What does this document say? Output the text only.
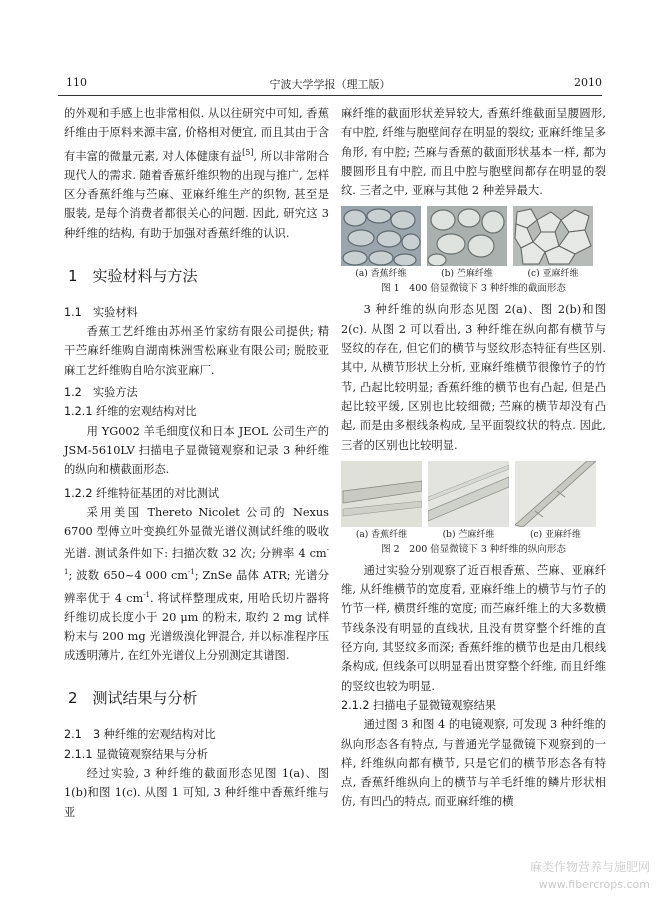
110	宁波大学学报（理工版）	2010

的外观和手感上也非常相似. 从以往研究中可知, 香蕉纤维由于原料来源丰富, 价格相对便宜, 而且其由于含有丰富的微量元素, 对人体健康有益[5], 所以非常附合现代人的需求. 随着香蕉纤维织物的出现与推广, 怎样区分香蕉纤维与苎麻、亚麻纤维生产的织物, 甚至是服装, 是每个消费者都很关心的问题. 因此, 研究这 3 种纤维的结构, 有助于加强对香蕉纤维的认识.

1　实验材料与方法
1.1　实验材料

香蕉工艺纤维由苏州圣竹家纺有限公司提供; 精干苎麻纤维购自湖南株洲雪松麻业有限公司; 脱胶亚麻工艺纤维购自哈尔滨亚麻厂.

1.2　实验方法
1.2.1 纤维的宏观结构对比

用 YG002 羊毛细度仪和日本 JEOL 公司生产的 JSM-5610LV 扫描电子显微镜观察和记录 3 种纤维的纵向和横截面形态.

1.2.2 纤维特征基团的对比测试

采用美国 Thereto Nicolet 公司的 Nexus 6700 型傅立叶变换红外显微光谱仪测试纤维的吸收光谱. 测试条件如下: 扫描次数 32 次; 分辨率 4 $cm^{-1}$; 波数 650~4 000 $cm^{-1}$; ZnSe 晶体 ATR; 光谱分辨率优于 4 $cm^{-1}$. 将试样整理成束, 用哈氏切片器将纤维切成长度小于 20 μm 的粉末, 取约 2 mg 试样粉末与 200 mg 光谱级溴化钾混合, 并以标准程序压成透明薄片, 在红外光谱仪上分别测定其谱图.

2　测试结果与分析
2.1　3 种纤维的宏观结构对比
2.1.1 显微镜观察结果与分析

经过实验, 3 种纤维的截面形态见图 1(a)、图 1(b)和图 1(c). 从图 1 可知, 3 种纤维中香蕉纤维与亚

麻纤维的截面形状差异较大, 香蕉纤维截面呈腰圆形, 有中腔, 纤维与胞壁间存在明显的裂纹; 亚麻纤维呈多角形, 有中腔; 苎麻与香蕉的截面形状基本一样, 都为腰圆形且有中腔, 而且中腔与胞壁间都存在明显的裂纹. 三者之中, 亚麻与其他 2 种差异最大.

(a) 香蕉纤维	(b) 苎麻纤维	(c) 亚麻纤维
图 1　400 倍显微镜下 3 种纤维的截面形态

3 种纤维的纵向形态见图 2(a)、图 2(b)和图 2(c). 从图 2 可以看出, 3 种纤维在纵向都有横节与竖纹的存在, 但它们的横节与竖纹形态特征有些区别. 其中, 从横节形状上分析, 亚麻纤维横节很像竹子的竹节, 凸起比较明显; 香蕉纤维的横节也有凸起, 但是凸起比较平缓, 区别也比较细微; 苎麻的横节却没有凸起, 而是由多根线条构成, 呈平面裂纹状的特点. 因此, 三者的区别也比较明显.

(a) 香蕉纤维	(b) 苎麻纤维	(c) 亚麻纤维
图 2　200 倍显微镜下 3 种纤维的纵向形态

通过实验分别观察了近百根香蕉、苎麻、亚麻纤维, 从纤维横节的宽度看, 亚麻纤维上的横节与竹子的竹节一样, 横贯纤维的宽度; 而苎麻纤维上的大多数横节线条没有明显的直线状, 且没有贯穿整个纤维的直径方向, 其竖纹多而深; 香蕉纤维的横节也是由几根线条构成, 但线条可以明显看出贯穿整个纤维, 而且纤维的竖纹也较为明显.

2.1.2 扫描电子显微镜观察结果

通过图 3 和图 4 的电镜观察, 可发现 3 种纤维的纵向形态各有特点, 与普通光学显微镜下观察到的一样, 纤维纵向都有横节, 只是它们的横节形态各有特点, 香蕉纤维纵向上的横节与羊毛纤维的鳞片形状相仿, 有凹凸的特点, 而亚麻纤维的横

麻类作物营养与施肥网
www.fibercrops.com
